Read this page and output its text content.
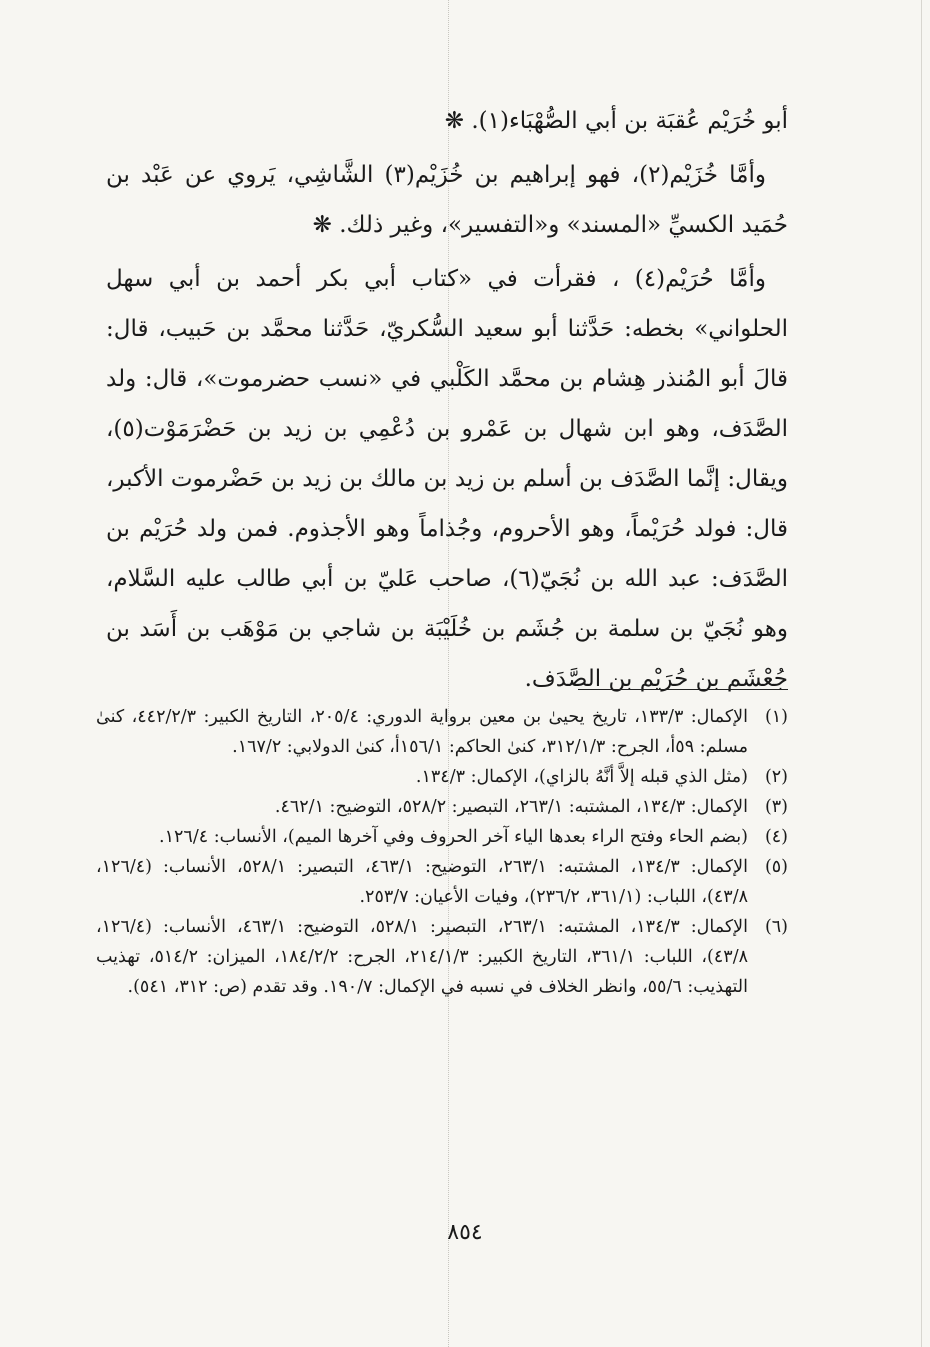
أبو خُرَيْم عُقبَة بن أبي الصُّهْبَاء(١). ❋

وأمَّا خُزَيْم(٢)، فهو إبراهيم بن خُزَيْم(٣) الشَّاشِي، يَروي عن عَبْد بن حُمَيد الكسيِّ «المسند» و«التفسير»، وغير ذلك. ❋

وأمَّا حُرَيْم(٤) ، فقرأت في «كتاب أبي بكر أحمد بن أبي سهل الحلواني» بخطه: حَدَّثنا أبو سعيد السُّكريّ، حَدَّثنا محمَّد بن حَبيب، قال: قالَ أبو المُنذر هِشام بن محمَّد الكَلْبي في «نسب حضرموت»، قال: ولد الصَّدَف، وهو ابن شهال بن عَمْرو بن دُعْمِي بن زيد بن حَضْرَمَوْت(٥)، ويقال: إنَّما الصَّدَف بن أسلم بن زيد بن مالك بن زيد بن حَضْرموت الأكبر، قال: فولد حُرَيْماً، وهو الأحروم، وجُذاماً وهو الأجذوم. فمن ولد حُرَيْم بن الصَّدَف: عبد الله بن نُجَيّ(٦)، صاحب عَليّ بن أبي طالب عليه السَّلام، وهو نُجَيّ بن سلمة بن جُشَم بن خُلَيْبَة بن شاجي بن مَوْهَب بن أَسَد بن جُعْشَم بن حُرَيْم بن الصَّدَف.

(١)
الإكمال: ١٣٣/٣، تاريخ يحيىٰ بن معين برواية الدوري: ٢٠٥/٤، التاريخ الكبير: ٤٤٢/٢/٣، كنىٰ مسلم: ٥٩أ، الجرح: ٣١٢/١/٣، كنىٰ الحاكم: ١٥٦/١أ، كنىٰ الدولابي: ١٦٧/٢.
(٢)
(مثل الذي قبله إلاَّ أنَّهُ بالزاي)، الإكمال: ١٣٤/٣.
(٣)
الإكمال: ١٣٤/٣، المشتبه: ٢٦٣/١، التبصير: ٥٢٨/٢، التوضيح: ٤٦٢/١.
(٤)
(بضم الحاء وفتح الراء بعدها الياء آخر الحروف وفي آخرها الميم)، الأنساب: ١٢٦/٤.
(٥)
الإكمال: ١٣٤/٣، المشتبه: ٢٦٣/١، التوضيح: ٤٦٣/١، التبصير: ٥٢٨/١، الأنساب: (١٢٦/٤، ٤٣/٨)، اللباب: (٣٦١/١، ٢٣٦/٢)، وفيات الأعيان: ٢٥٣/٧.
(٦)
الإكمال: ١٣٤/٣، المشتبه: ٢٦٣/١، التبصير: ٥٢٨/١، التوضيح: ٤٦٣/١، الأنساب: (١٢٦/٤، ٤٣/٨)، اللباب: ٣٦١/١، التاريخ الكبير: ٢١٤/١/٣، الجرح: ١٨٤/٢/٢، الميزان: ٥١٤/٢، تهذيب التهذيب: ٥٥/٦، وانظر الخلاف في نسبه في الإكمال: ١٩٠/٧. وقد تقدم (ص: ٣١٢، ٥٤١).
٨٥٤
